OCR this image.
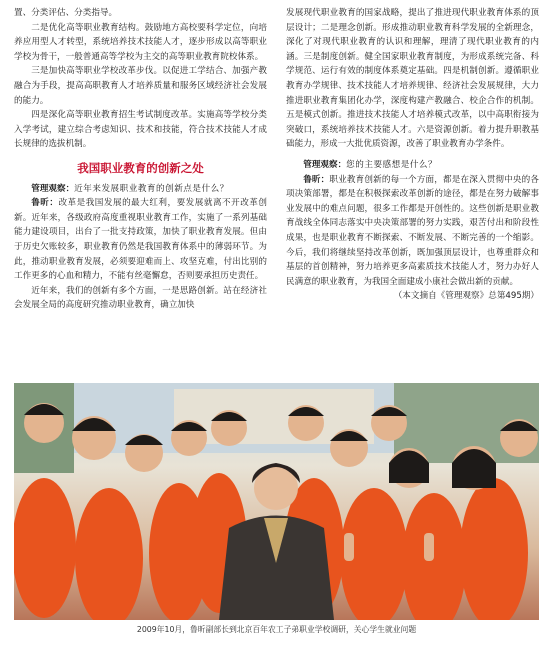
置、分类评估、分类指导。

二是优化高等职业教育结构。鼓励地方高校要科学定位，向培养应用型人才转型，系统培养技术技能人才，逐步形成以高等职业学校为骨干，一般普通高等学校为主交的高等职业教育院校体系。

三是加快高等职业学校改革步伐。以促进工学结合、加强产教融合为手段，提高高职教育人才培养质量和服务区域经济社会发展的能力。

四是深化高等职业教育招生考试制度改革。实施高等学校分类入学考试，建立综合考虑知识、技术和技能，符合技术技能人才成长规律的选拔机制。

我国职业教育的创新之处

管理观察：近年来发展职业教育的创新点是什么？

鲁昕：改革是我国发展的最大红利，要发展就离不开改革创新。近年来，各级政府高度重视职业教育工作，实施了一系列基础能力建设项目，出台了一批支持政策，加快了职业教育发展。但由于历史欠账较多，职业教育仍然是我国教育体系中的薄弱环节。为此，推动职业教育发展，必须要迎难而上、攻坚克难，付出比别的工作更多的心血和精力，不能有丝毫懈怠，否则要承担历史责任。

近年来，我们的创新有多个方面，一是思路创新。站在经济社会发展全局的高度研究推动职业教育，确立加快

发展现代职业教育的国家战略，提出了推进现代职业教育体系的顶层设计；二是理念创新。形成推动职业教育科学发展的全新理念，深化了对现代职业教育的认识和理解，理清了现代职业教育的内涵。三是制度创新。健全国家职业教育制度，为形成系统完备、科学规范、运行有效的制度体系奠定基础。四是机制创新。遵循职业教育办学规律、技术技能人才培养规律、经济社会发展规律，大力推进职业教育集团化办学，深度构建产教融合、校企合作的机制。五是模式创新。推进技术技能人才培养模式改革，以中高职衔接为突破口，系统培养技术技能人才。六是资源创新。着力提升职教基础能力，形成一大批优质资源，改善了职业教育办学条件。

管理观察：您的主要感想是什么？

鲁昕：职业教育创新的每一个方面，都是在深入贯彻中央的各项决策部署，都是在积极探索改革创新的途径，都是在努力破解事业发展中的难点问题，很多工作都是开创性的。这些创新是职业教育战线全体同志落实中央决策部署的努力实践，艰苦付出和阶段性成果，也是职业教育不断探索、不断发展、不断完善的一个缩影。今后，我们将继续坚持改革创新，既加强顶层设计，也尊重群众和基层的首创精神，努力培养更多高素质技术技能人才，努力办好人民满意的职业教育，为我国全面建成小康社会做出新的贡献。

（本文摘自《管理观察》总第495期）

2009年10月，鲁昕副部长到北京百年农工子弟职业学校调研，关心学生就业问题
